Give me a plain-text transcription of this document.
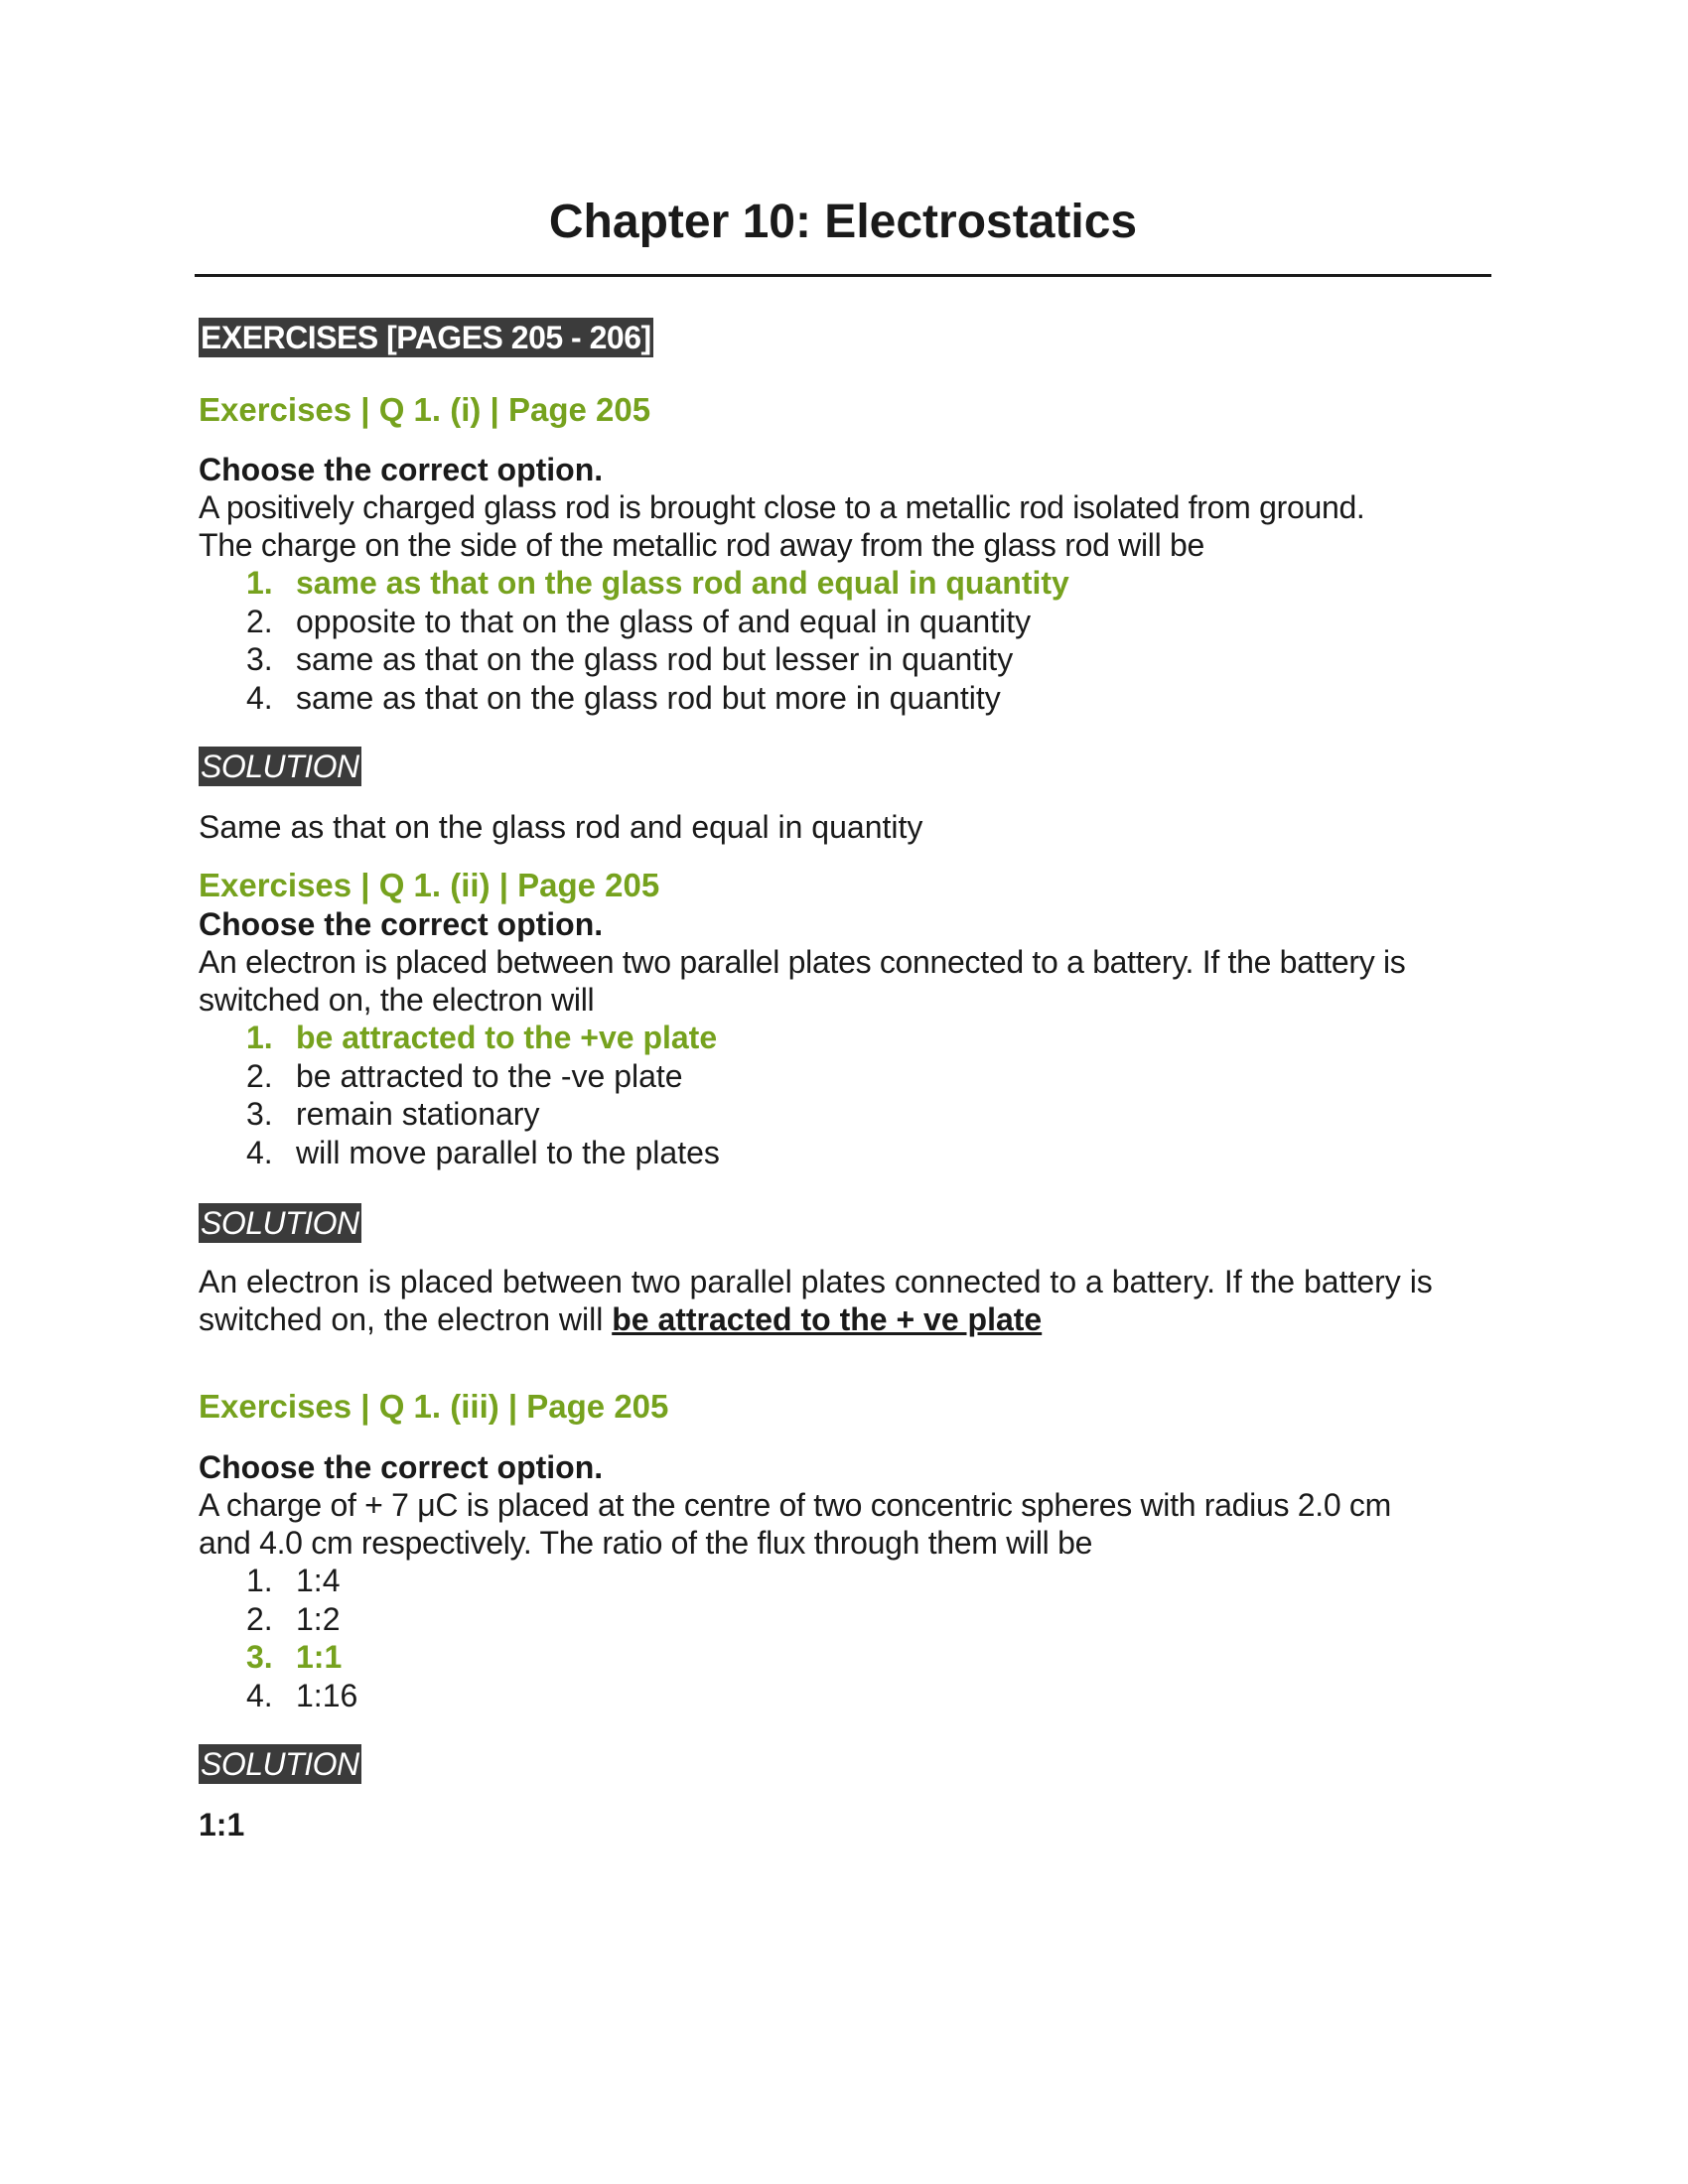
Chapter 10: Electrostatics
EXERCISES [PAGES 205 - 206]

Exercises | Q 1. (i) | Page 205

Choose the correct option.

A positively charged glass rod is brought close to a metallic rod isolated from ground.

The charge on the side of the metallic rod away from the glass rod will be

1. same as that on the glass rod and equal in quantity
2. opposite to that on the glass of and equal in quantity
3. same as that on the glass rod but lesser in quantity
4. same as that on the glass rod but more in quantity
SOLUTION

Same as that on the glass rod and equal in quantity

Exercises | Q 1. (ii) | Page 205

Choose the correct option.

An electron is placed between two parallel plates connected to a battery. If the battery is

switched on, the electron will

1. be attracted to the +ve plate
2. be attracted to the -ve plate
3. remain stationary
4. will move parallel to the plates
SOLUTION

An electron is placed between two parallel plates connected to a battery. If the battery is

switched on, the electron will be attracted to the + ve plate

Exercises | Q 1. (iii) | Page 205

Choose the correct option.

A charge of + 7 μC is placed at the centre of two concentric spheres with radius 2.0 cm

and 4.0 cm respectively. The ratio of the flux through them will be

1. 1:4
2. 1:2
3. 1:1
4. 1:16
SOLUTION

1:1
